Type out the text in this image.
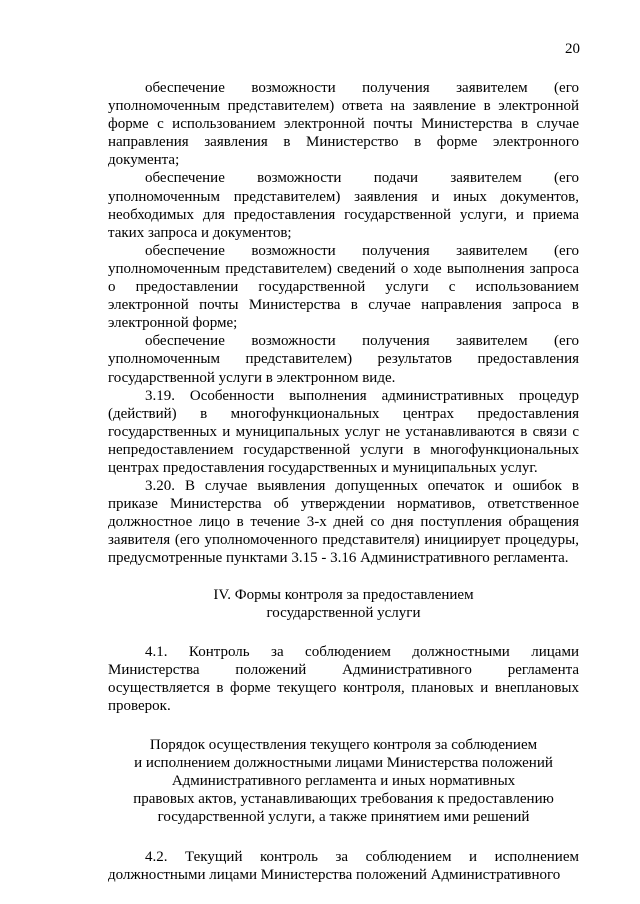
20

обеспечение возможности получения заявителем (его уполномоченным представителем) ответа на заявление в электронной форме с использованием электронной почты Министерства в случае направления заявления в Министерство в форме электронного документа;

обеспечение возможности подачи заявителем (его уполномоченным представителем) заявления и иных документов, необходимых для предоставления государственной услуги, и приема таких запроса и документов;

обеспечение возможности получения заявителем (его уполномоченным представителем) сведений о ходе выполнения запроса о предоставлении государственной услуги с использованием электронной почты Министерства в случае направления запроса в электронной форме;

обеспечение возможности получения заявителем (его уполномоченным представителем) результатов предоставления государственной услуги в электронном виде.

3.19. Особенности выполнения административных процедур (действий) в многофункциональных центрах предоставления государственных и муниципальных услуг не устанавливаются в связи с непредоставлением государственной услуги в многофункциональных центрах предоставления государственных и муниципальных услуг.

3.20. В случае выявления допущенных опечаток и ошибок в приказе Министерства об утверждении нормативов, ответственное должностное лицо в течение 3-х дней со дня поступления обращения заявителя (его уполномоченного представителя) инициирует процедуры, предусмотренные пунктами 3.15 - 3.16 Административного регламента.

IV. Формы контроля за предоставлением
государственной услуги

4.1. Контроль за соблюдением должностными лицами Министерства положений Административного регламента осуществляется в форме текущего контроля, плановых и внеплановых проверок.

Порядок осуществления текущего контроля за соблюдением
и исполнением должностными лицами Министерства положений
Административного регламента и иных нормативных
правовых актов, устанавливающих требования к предоставлению
государственной услуги, а также принятием ими решений

4.2. Текущий контроль за соблюдением и исполнением должностными лицами Министерства положений Административного
